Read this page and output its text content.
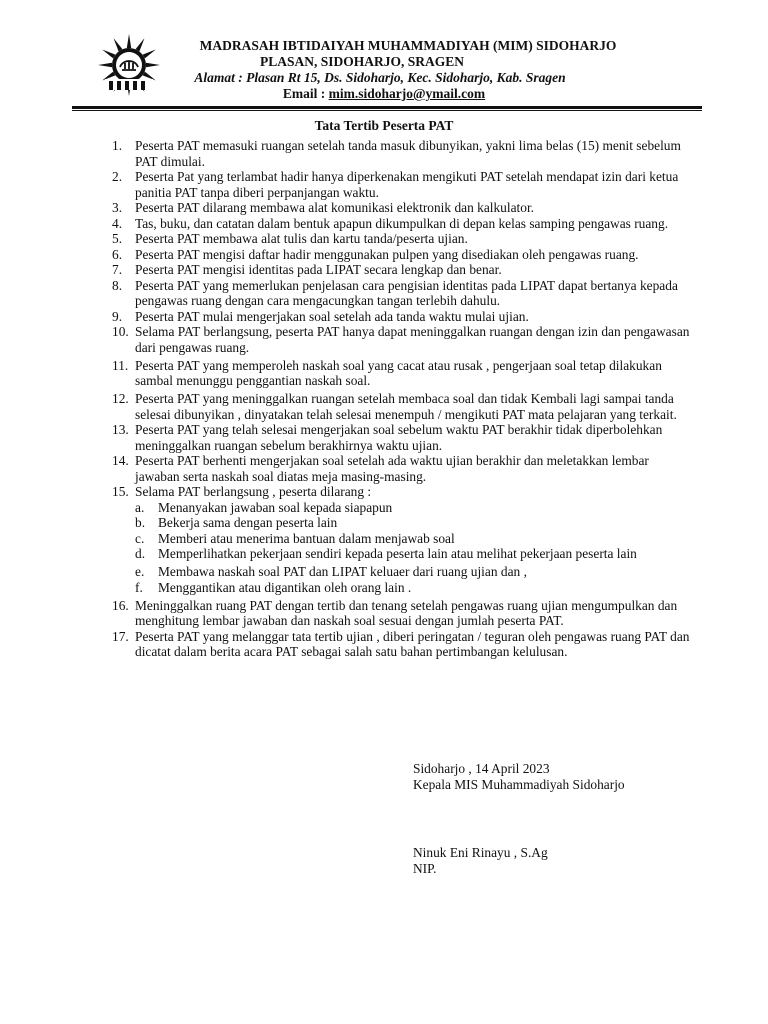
MADRASAH IBTIDAIYAH MUHAMMADIYAH (MIM) SIDOHARJO
PLASAN, SIDOHARJO, SRAGEN
Alamat : Plasan Rt 15, Ds. Sidoharjo, Kec. Sidoharjo, Kab. Sragen
Email : mim.sidoharjo@ymail.com
Tata Tertib Peserta PAT
1. Peserta PAT memasuki ruangan setelah tanda masuk dibunyikan, yakni lima belas (15) menit sebelum PAT dimulai.
2. Peserta Pat yang terlambat hadir hanya diperkenakan mengikuti PAT setelah mendapat izin dari ketua panitia PAT tanpa diberi perpanjangan waktu.
3. Peserta PAT dilarang membawa alat komunikasi elektronik dan kalkulator.
4. Tas, buku, dan catatan dalam bentuk apapun dikumpulkan di depan kelas samping pengawas ruang.
5. Peserta PAT membawa alat tulis dan kartu tanda/peserta ujian.
6. Peserta PAT mengisi daftar hadir menggunakan pulpen yang disediakan oleh pengawas ruang.
7. Peserta PAT mengisi identitas pada LIPAT secara lengkap dan benar.
8. Peserta PAT yang memerlukan penjelasan cara pengisian identitas pada LIPAT dapat bertanya kepada pengawas ruang dengan cara mengacungkan tangan terlebih dahulu.
9. Peserta PAT mulai mengerjakan soal setelah ada tanda waktu mulai ujian.
10. Selama PAT berlangsung, peserta PAT hanya dapat meninggalkan ruangan dengan izin dan pengawasan dari pengawas ruang.
11. Peserta PAT yang memperoleh naskah soal yang cacat atau rusak , pengerjaan soal tetap dilakukan sambal menunggu penggantian naskah soal.
12. Peserta PAT yang meninggalkan ruangan setelah membaca soal dan tidak Kembali lagi sampai tanda selesai dibunyikan , dinyatakan telah selesai menempuh / mengikuti PAT mata pelajaran yang terkait.
13. Peserta PAT yang telah selesai mengerjakan soal sebelum waktu PAT berakhir tidak diperbolehkan meninggalkan ruangan sebelum berakhirnya waktu ujian.
14. Peserta PAT berhenti mengerjakan soal setelah ada waktu ujian berakhir dan meletakkan lembar jawaban serta naskah soal diatas meja masing-masing.
15. Selama PAT berlangsung , peserta dilarang :
a. Menanyakan jawaban soal kepada siapapun
b. Bekerja sama dengan peserta lain
c. Memberi atau menerima bantuan dalam menjawab soal
d. Memperlihatkan pekerjaan sendiri kepada peserta lain atau melihat pekerjaan peserta lain
e. Membawa naskah soal PAT dan LIPAT keluaer dari ruang ujian dan ,
f. Menggantikan atau digantikan oleh orang lain .
16. Meninggalkan ruang PAT dengan tertib dan tenang setelah pengawas ruang ujian mengumpulkan dan menghitung lembar jawaban dan naskah soal sesuai dengan jumlah peserta PAT.
17. Peserta PAT yang melanggar tata tertib ujian , diberi peringatan / teguran oleh pengawas ruang PAT dan dicatat dalam berita acara PAT sebagai salah satu bahan pertimbangan kelulusan.
Sidoharjo , 14 April 2023
Kepala MIS Muhammadiyah Sidoharjo
Ninuk Eni Rinayu , S.Ag
NIP.
